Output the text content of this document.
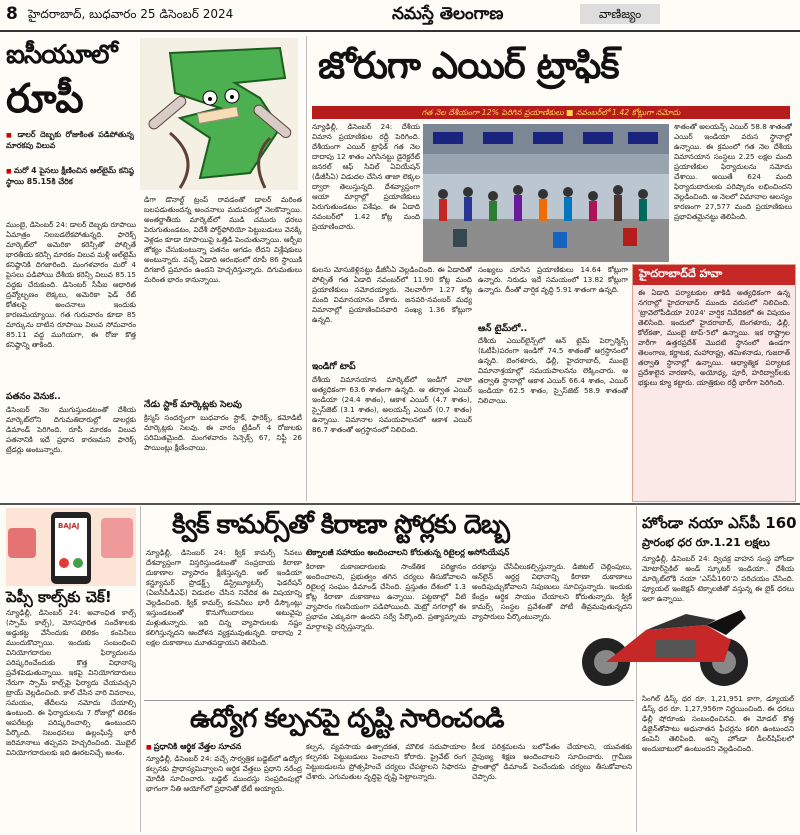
8 హైదరాబాద్, బుధవారం 25 డిసెంబర్ 2024	నమస్తే తెలంగాణ	వాణిజ్యం
ఐసీయూలో
రూపీ
■ డాలర్ దెబ్బకు రోజుకింత పడిపోతున్న మారకపు విలువ
■ మరో 4 పైసలు క్షీణించిన ఆల్‌టైమ్ కనిష్ఠ స్థాయి 85.15కి చేరిక
ముంబై, డిసెంబర్ 24: డాలర్ దెబ్బకు రూపాయి ఏమాత్రం నిలబడలేకపోతున్నది. ఫారెక్స్ మార్కెట్‌లో అమెరికా కరెన్సీతో పోల్చితే భారతీయ కరెన్సీ మారకం విలువ మళ్లీ ఆల్‌టైమ్ కనిష్ఠానికి దిగజారింది. మంగళవారం మరో 4 పైసలు పడిపోయి దేశీయ కరెన్సీ విలువ 85.15 వద్దకు చేరుకుంది. డిసెంబర్ సీపీఐ ఆధారిత ద్రవ్యోల్బణం లెక్కలు, అమెరికా ఫెడ్ రేట్ కోతలపై అంచనాలు ఇందుకు కారణమయ్యాయి. గత గురువారం కూడా 85 మార్కును దాటిన రూపాయి విలువ సోమవారం 85.11 వద్ద ముగియగా, ఈ రోజు కొత్త కనిష్ఠాన్ని తాకింది.
పతనం వెనుక..
డిసెంబర్ నెల ముగుస్తుండటంతో దేశీయ మార్కెట్‌లోని దిగుమతిదారుల్లో డాలర్లకు డిమాండ్ పెరిగింది. రూపీ మారకం విలువ పతనానికి ఇదే ప్రధాన కారణమని ఫారెక్స్ ట్రేడర్లు అంటున్నారు.
డిగా డొనాల్డ్ ట్రంప్ రావడంతో డాలర్ మరింత బలపడుతుందన్న అంచనాలు మదుపరుల్లో నెలకొన్నాయి. అంతర్జాతీయ మార్కెట్‌లో ముడి చమురు ధరలు పెరుగుతుండటం, విదేశీ పోర్ట్‌ఫోలియో పెట్టుబడులు వెనక్కి వెళ్లడం కూడా రూపాయిపై ఒత్తిడి పెంచుతున్నాయి. ఆర్బీఐ జోక్యం చేసుకుంటున్నా పతనం ఆగడం లేదని విశ్లేషకులు అంటున్నారు. వచ్చే ఏడాది ఆరంభంలో రూపీ 86 స్థాయికి దిగజారే ప్రమాదం ఉందని హెచ్చరిస్తున్నారు. దిగుమతులు మరింత భారం కానున్నాయి.
నేడు స్టాక్ మార్కెట్లకు సెలవు
క్రిస్మస్ సందర్భంగా బుధవారం స్టాక్, ఫారెక్స్, కమోడిటీ మార్కెట్లకు సెలవు. ఈ వారం ట్రేడింగ్ 4 రోజులకు పరిమితమైంది. మంగళవారం సెన్సెక్స్ 67, నిఫ్టీ 26 పాయింట్లు క్షీణించాయి.
జోరుగా ఎయిర్ ట్రాఫిక్
గత నెల దేశీయంగా 12% పెరిగిన ప్రయాణికులు ■ నవంబర్‌లో 1.42 కోట్లుగా నమోదు
న్యూఢిల్లీ, డిసెంబర్ 24: దేశీయ విమాన ప్రయాణికుల రద్దీ పెరిగింది. దేశీయంగా ఎయిర్ ట్రాఫిక్ గత నెల దాదాపు 12 శాతం ఎగిసినట్టు డైరెక్టరేట్ జనరల్ ఆఫ్ సివిల్ ఏవియేషన్ (డీజీసీఏ) విడుదల చేసిన తాజా లెక్కల ద్వారా తెలుస్తున్నది. దేశవ్యాప్తంగా ఆయా మార్గాల్లో ప్రయాణికులు పెరుగుతుండటం విశేషం. ఈ ఏడాది నవంబర్‌లో 1.42 కోట్ల మంది ప్రయాణించారు.
శాతంతో అలయన్స్ ఎయిర్ 58.8 శాతంతో ఎయిర్ ఇండియా వరుస స్థానాల్లో ఉన్నాయి. ఈ క్రమంలో గత నెల దేశీయ విమానయాన సంస్థలు 2.25 లక్షల మంది ప్రయాణికుల ఫిర్యాదులను నమోదు చేశాయి. అయితే 624 మంది ఫిర్యాదుదారులకు పరిష్కారం లభించిందని వెల్లడించింది. ఆ నెలలో విమానాల ఆలస్యం కారణంగా 27,577 మంది ప్రయాణికులు ప్రభావితమైనట్టు తెలిపింది.
కులను మోసుకెళ్లినట్టు డీజీసీఏ వెల్లడించింది. ఈ ఏడాదితో పోల్చితే గత ఏడాది నవంబర్‌లో 11.90 కోట్ల మంది ప్రయాణికులు నమోదయ్యారు. నెలవారీగా 1.27 కోట్ల మంది విమానయానం చేశారు. జనవరి-నవంబర్ మధ్య విమానాల్లో ప్రయాణించినవారి సంఖ్య 1.36 కోట్లుగా ఉన్నది.
ఇండిగో టాప్
దేశీయ విమానయాన మార్కెట్‌లో ఇండిగో వాటా అత్యధికంగా 63.6 శాతంగా ఉన్నది. ఆ తర్వాత ఎయిర్ ఇండియా (24.4 శాతం), ఆకాశ ఎయిర్ (4.7 శాతం), స్పైస్‌జెట్ (3.1 శాతం), అలయన్స్ ఎయిర్ (0.7 శాతం) ఉన్నాయి. విమానాల సమయపాలనలో ఆకాశ ఎయిర్ 86.7 శాతంతో అగ్రస్థానంలో నిలిచింది.
సంఖ్యలు చూసిన ప్రయాణికులు 14.64 కోట్లుగా ఉన్నారు. నిరుడు ఇదే సమయంలో 13.82 కోట్లుగా ఉన్నారు. దీంతో వార్షిక వృద్ధి 5.91 శాతంగా ఉన్నది.
ఆన్ టైమ్‌లో..
దేశీయ ఎయిర్‌లైన్స్‌లో ఆన్ టైమ్ పెర్ఫార్మెన్స్ (ఓటీపీ)పరంగా ఇండిగో 74.5 శాతంతో అగ్రస్థానంలో ఉన్నది. బెంగళూరు, ఢిల్లీ, హైదరాబాద్, ముంబై విమానాశ్రయాల్లో సమయపాలనను లెక్కించారు. ఆ తర్వాతి స్థానాల్లో ఆకాశ ఎయిర్ 66.4 శాతం, ఎయిర్ ఇండియా 62.5 శాతం, స్పైస్‌జెట్ 58.9 శాతంతో నిలిచాయి.
హైదరాబాద్‌దే హవా
ఈ ఏడాది పర్యాటకుల తాకిడి అత్యధికంగా ఉన్న నగరాల్లో హైదరాబాద్ ముందు వరుసలో నిలిచింది. 'ట్రావెలోపీడియా 2024' వార్షిక నివేదికలో ఈ విషయం తెలిసింది. ఇందులో హైదరాబాద్, బెంగళూరు, ఢిల్లీ, కోల్‌కతా, ముంబై టాప్-5లో ఉన్నాయి. ఇక రాష్ట్రాల వారీగా ఉత్తరప్రదేశ్ మొదటి స్థానంలో ఉండగా తెలంగాణ, కర్ణాటక, మహారాష్ట్ర, తమిళనాడు, గుజరాత్ తర్వాతి స్థానాల్లో ఉన్నాయి. ఆధ్యాత్మిక పర్యాటక ప్రదేశాలైన వారణాసి, అయోధ్య, పూరీ, హరిద్వార్‌లకు భక్తులు క్యూ కట్టారు. యాత్రికుల రద్దీ భారీగా పెరిగింది.
BAJAJ	క్విక్ కామర్స్‌తో కిరాణా స్టోర్లకు దెబ్బ
పెప్సీ కాల్స్‌కు చెక్!
న్యూఢిల్లీ, డిసెంబర్ 24: అవాంఛిత కాల్స్ (స్పామ్ కాల్స్), మోసపూరిత సందేశాలకు అడ్డుకట్ట వేసేందుకు టెలికం కంపెనీలు ముందుకొచ్చాయి. ఇందుకు సంబంధించి వినియోగదారుల ఫిర్యాదులను పరిష్కరించేందుకు కొత్త విధానాన్ని ప్రవేశపెడుతున్నాయి. ఇకపై వినియోగదారులు నేరుగా స్పామ్ కాల్స్‌పై ఫిర్యాదు చేయవచ్చని ట్రాయ్ వెల్లడించింది. కాల్ చేసిన వారి వివరాలు, సమయం, తేదీలను నమోదు చేయాల్సి ఉంటుంది. ఈ ఫిర్యాదులను 7 రోజుల్లో టెలికం ఆపరేటర్లు పరిష్కరించాల్సి ఉంటుందని పేర్కొంది. నిబంధనలు ఉల్లంఘిస్తే భారీ జరిమానాలు తప్పవని హెచ్చరించింది. మొబైల్ వినియోగదారులకు ఇది ఊరటనిచ్చే అంశం.
న్యూఢిల్లీ, డిసెంబర్ 24: క్విక్ కామర్స్ సేవలు దేశవ్యాప్తంగా విస్తరిస్తుండటంతో సంప్రదాయ కిరాణా దుకాణాల వ్యాపారం క్షీణిస్తున్నది. ఆల్ ఇండియా కన్జ్యూమర్ ప్రొడక్ట్స్ డిస్ట్రిబ్యూటర్స్ ఫెడరేషన్ (ఏఐసీపీడీఎఫ్) విడుదల చేసిన నివేదిక ఈ విషయాన్ని వెల్లడించింది. క్విక్ కామర్స్ కంపెనీలు భారీ డిస్కౌంట్లు ఇస్తుండటంతో కొనుగోలుదారులు అటువైపు మళ్లుతున్నారు. ఇది చిన్న వ్యాపారులకు నష్టం కలిగిస్తున్నదని ఆందోళన వ్యక్తమవుతున్నది. దాదాపు 2 లక్షల దుకాణాలు మూతపడ్డాయని తెలిపింది.
టెక్నాలజీ సహాయం అందించాలని కోరుతున్న రిటైలర్ల అసోసియేషన్
కిరాణా దుకాణదారులకు సాంకేతిక పరిజ్ఞానం అందించాలని, ప్రభుత్వం తగిన చర్యలు తీసుకోవాలని రిటైలర్ల సంఘం డిమాండ్ చేసింది. ప్రస్తుతం దేశంలో 1.3 కోట్ల కిరాణా దుకాణాలు ఉన్నాయి. పట్టణాల్లో వీటి వ్యాపారం గణనీయంగా పడిపోయింది. మెట్రో నగరాల్లో ఈ ప్రభావం ఎక్కువగా ఉందని సర్వే పేర్కొంది. ప్రత్యామ్నాయ మార్గాలపై చర్చిస్తున్నారు.
దరఖాస్తు చేసేవీలుకల్పిస్తున్నారు. డిజిటల్ చెల్లింపులు, ఆన్‌లైన్ ఆర్డర్ల విధానాన్ని కిరాణా దుకాణాలు అందిపుచ్చుకోవాలని నిపుణులు సూచిస్తున్నారు. ఇందుకు కేంద్రం ఆర్థిక సాయం చేయాలని కోరుతున్నారు. క్విక్ కామర్స్ సంస్థల ప్రవేశంతో పోటీ తీవ్రమవుతున్నదని వ్యాపారులు పేర్కొంటున్నారు.
ఉద్యోగ కల్పనపై దృష్టి సారించండి
■ ప్రధానికి ఆర్థిక వేత్తల సూచన
న్యూఢిల్లీ, డిసెంబర్ 24: వచ్చే సార్వత్రిక బడ్జెట్‌లో ఉద్యోగ కల్పనకు ప్రాధాన్యమివ్వాలని ఆర్థిక వేత్తలు ప్రధాని నరేంద్ర మోదీకి సూచించారు. బడ్జెట్ ముందస్తు సంప్రదింపుల్లో భాగంగా నీతి ఆయోగ్‌లో ప్రధానితో భేటీ అయ్యారు.
కల్పన, వ్యవసాయ ఉత్పాదకత, మౌలిక సదుపాయాల కల్పనకు పెట్టుబడులు పెంచాలని కోరారు. ప్రైవేట్ రంగ పెట్టుబడులను ప్రోత్సహించే చర్యలు చేపట్టాలని సిఫారసు చేశారు. ఎగుమతుల వృద్ధిపై దృష్టి పెట్టాలన్నారు.
కీలక పరిశ్రమలను బలోపేతం చేయాలని, యువతకు నైపుణ్య శిక్షణ అందించాలని సూచించారు. గ్రామీణ ప్రాంతాల్లో డిమాండ్ పెంచేందుకు చర్యలు తీసుకోవాలని చెప్పారు.
హోండా నయా ఎస్‌పీ 160
ప్రారంభ ధర రూ.1.21 లక్షలు
న్యూఢిల్లీ, డిసెంబర్ 24: ద్విచక్ర వాహన సంస్థ హోండా మోటార్‌సైకిల్ అండ్ స్కూటర్ ఇండియా.. దేశీయ మార్కెట్‌లోకి నయా 'ఎస్‌పీ160'ని పరిచయం చేసింది. ఫ్యూయల్ ఇంజెక్షన్ టెక్నాలజీతో వస్తున్న ఈ బైక్ ధరలు ఇలా ఉన్నాయి.
సింగిల్ డిస్క్ ధర రూ. 1,21,951 కాగా, డ్యూయల్ డిస్క్ ధర రూ. 1,27,956గా నిర్ణయించింది. ఈ ధరలు ఢిల్లీ షోరూంకు సంబంధించినవి. ఈ మోడల్ కొత్త డిజైన్‌తోపాటు అధునాతన ఫీచర్లను కలిగి ఉంటుందని కంపెనీ తెలిపింది. అన్ని హోండా డీలర్‌షిప్‌లలో అందుబాటులో ఉంటుందని వెల్లడించింది.
